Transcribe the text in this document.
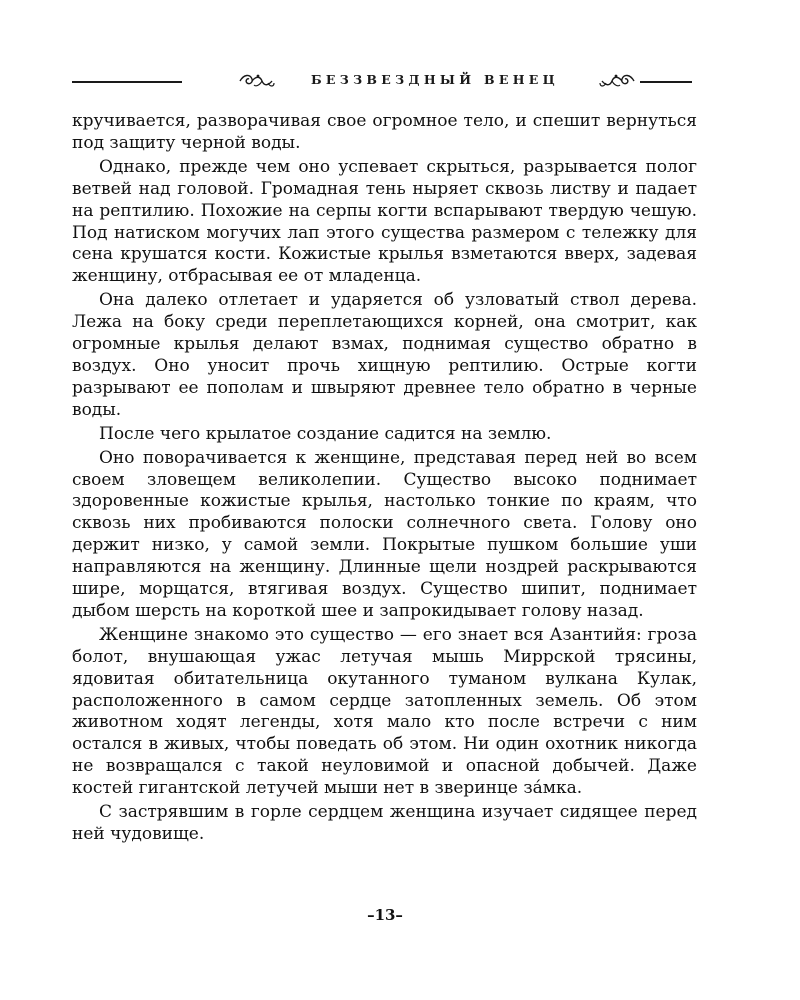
БЕЗЗВЕЗДНЫЙ ВЕНЕЦ

кручивается, разворачивая свое огромное тело, и спешит вернуться под защиту черной воды.

Однако, прежде чем оно успевает скрыться, разрывается полог ветвей над головой. Громадная тень ныряет сквозь листву и падает на рептилию. Похожие на серпы когти вспарывают твердую чешую. Под натиском могучих лап этого существа размером с тележку для сена крушатся кости. Кожистые крылья взметаются вверх, задевая женщину, отбрасывая ее от младенца.

Она далеко отлетает и ударяется об узловатый ствол дерева. Лежа на боку среди переплетающихся корней, она смотрит, как огромные крылья делают взмах, поднимая существо обратно в воздух. Оно уносит прочь хищную рептилию. Острые когти разрывают ее пополам и швыряют древнее тело обратно в черные воды.

После чего крылатое создание садится на землю.

Оно поворачивается к женщине, представая перед ней во всем своем зловещем великолепии. Существо высоко поднимает здоровенные кожистые крылья, настолько тонкие по краям, что сквозь них пробиваются полоски солнечного света. Голову оно держит низко, у самой земли. Покрытые пушком большие уши направляются на женщину. Длинные щели ноздрей раскрываются шире, морщатся, втягивая воздух. Существо шипит, поднимает дыбом шерсть на короткой шее и запрокидывает голову назад.

Женщине знакомо это существо — его знает вся Азантийя: гроза болот, внушающая ужас летучая мышь Миррской трясины, ядовитая обитательница окутанного туманом вулкана Кулак, расположенного в самом сердце затопленных земель. Об этом животном ходят легенды, хотя мало кто после встречи с ним остался в живых, чтобы поведать об этом. Ни один охотник никогда не возвращался с такой неуловимой и опасной добычей. Даже костей гигантской летучей мыши нет в зверинце за́мка.

С застрявшим в горле сердцем женщина изучает сидящее перед ней чудовище.

–13–
